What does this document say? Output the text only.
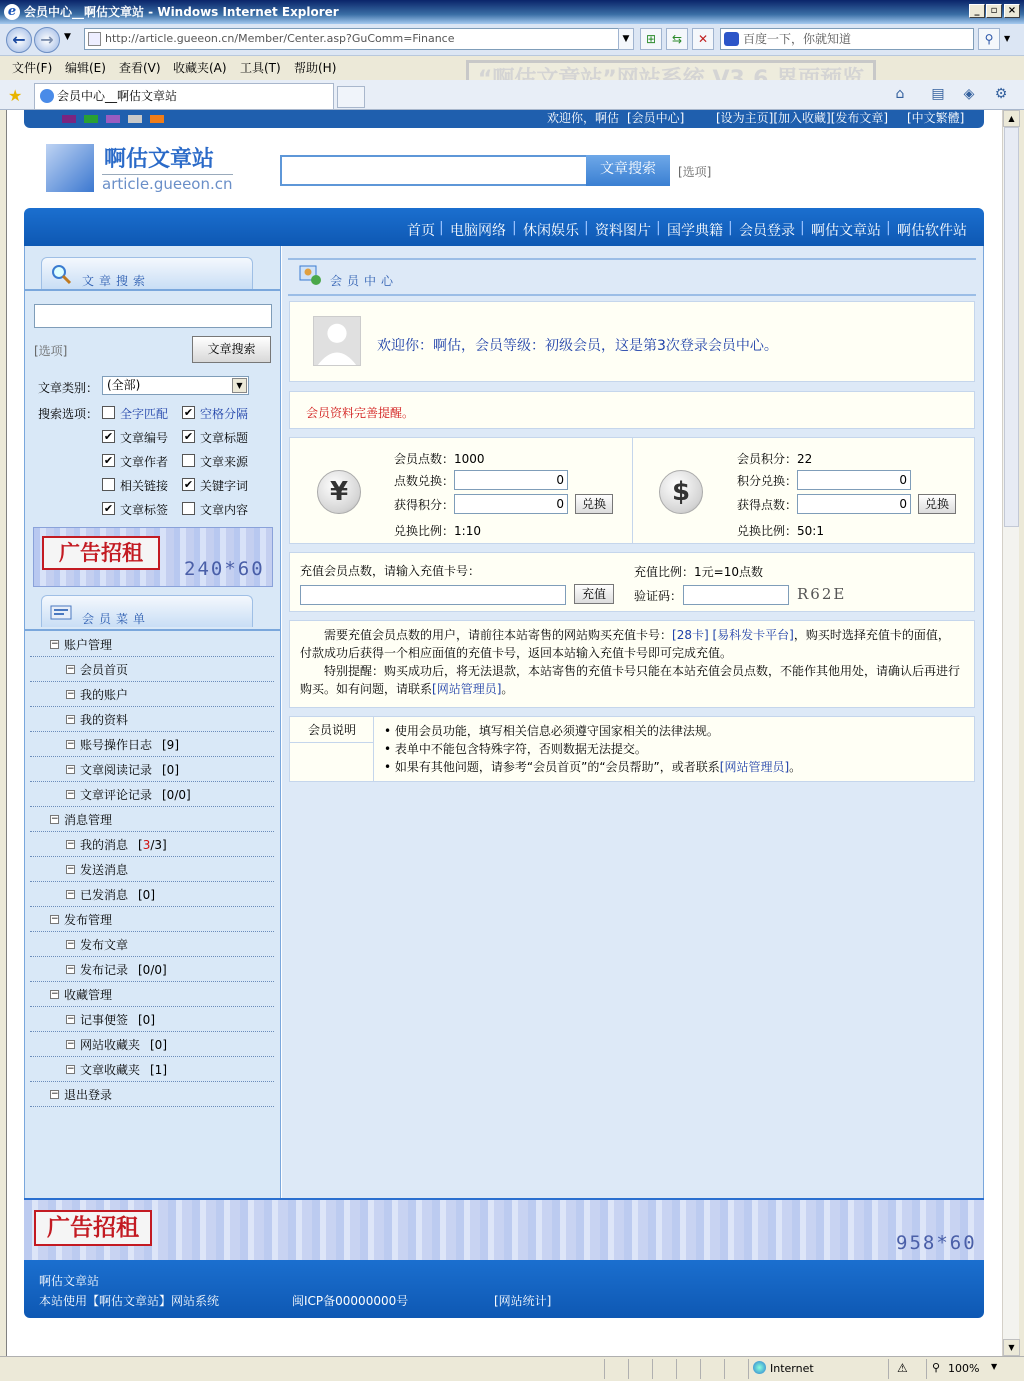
e 会员中心__啊估文章站 - Windows Internet Explorer	_	▫	×
← →	▼	http://article.gueeon.cn/Member/Center.asp?GuComm=Finance	▼	⊞	⇆	✕	百度一下，你就知道	⚲	▼
文件(F) 编辑(E) 查看(V) 收藏夹(A) 工具(T) 帮助(H)
★	会员中心__啊估文章站	⌂	▤	◈	⚙
▲
▼
欢迎你，啊估 [会员中心]	[设为主页][加入收藏][发布文章] [中文繁體]
啊估文章站
article.gueeon.cn
文章搜索	[选项]
首页 | 电脑网络 | 休闲娱乐 | 资料图片 | 国学典籍 | 会员登录 | 啊估文章站 | 啊估软件站
文章搜索
会员菜单
[选项]	文章搜索
文章类别： (全部)	▼
搜索选项： 全字匹配 ✔ 空格分隔
✔ 文章编号 ✔ 文章标题
✔ 文章作者	文章来源
相关链接 ✔ 关键字词
✔ 文章标签	文章内容
广告招租
240*60
− 账户管理
− 会员首页
− 我的账户
− 我的资料
− 账号操作日志 [9]
− 文章阅读记录 [0]
− 文章评论记录 [0/0]
− 消息管理
− 我的消息 [3/3]
− 发送消息
− 已发消息 [0]
− 发布管理
− 发布文章
− 发布记录 [0/0]
− 收藏管理
− 记事便签 [0]
− 网站收藏夹 [0]
− 文章收藏夹 [1]
− 退出登录
会员中心
欢迎你：啊估，会员等级：初级会员，这是第3次登录会员中心。
会员资料完善提醒。
¥
会员点数：1000
点数兑换：	0
获得积分：	0	兑换
兑换比例：1:10
$
会员积分：22
积分兑换：	0
获得点数：	0	兑换
兑换比例：50:1
充值会员点数，请输入充值卡号：
充值
充值比例：1元=10点数
验证码：	R62E
需要充值会员点数的用户，请前往本站寄售的网站购买充值卡号：[28卡] [易科发卡平台]，购买时选择充值卡的面值，
付款成功后获得一个相应面值的充值卡号，返回本站输入充值卡号即可完成充值。
特别提醒：购买成功后，将无法退款，本站寄售的充值卡号只能在本站充值会员点数，不能作其他用处，请确认后再进行
购买。如有问题，请联系[网站管理员]。
会员说明	• 使用会员功能，填写相关信息必须遵守国家相关的法律法规。
• 表单中不能包含特殊字符，否则数据无法提交。
• 如果有其他问题，请参考“会员首页”的“会员帮助”，或者联系[网站管理员]。
广告招租
958*60
啊估文章站
本站使用【啊估文章站】网站系统	闽ICP备00000000号	[网站统计]
Internet	⚠ ⚲ 100% ▼
